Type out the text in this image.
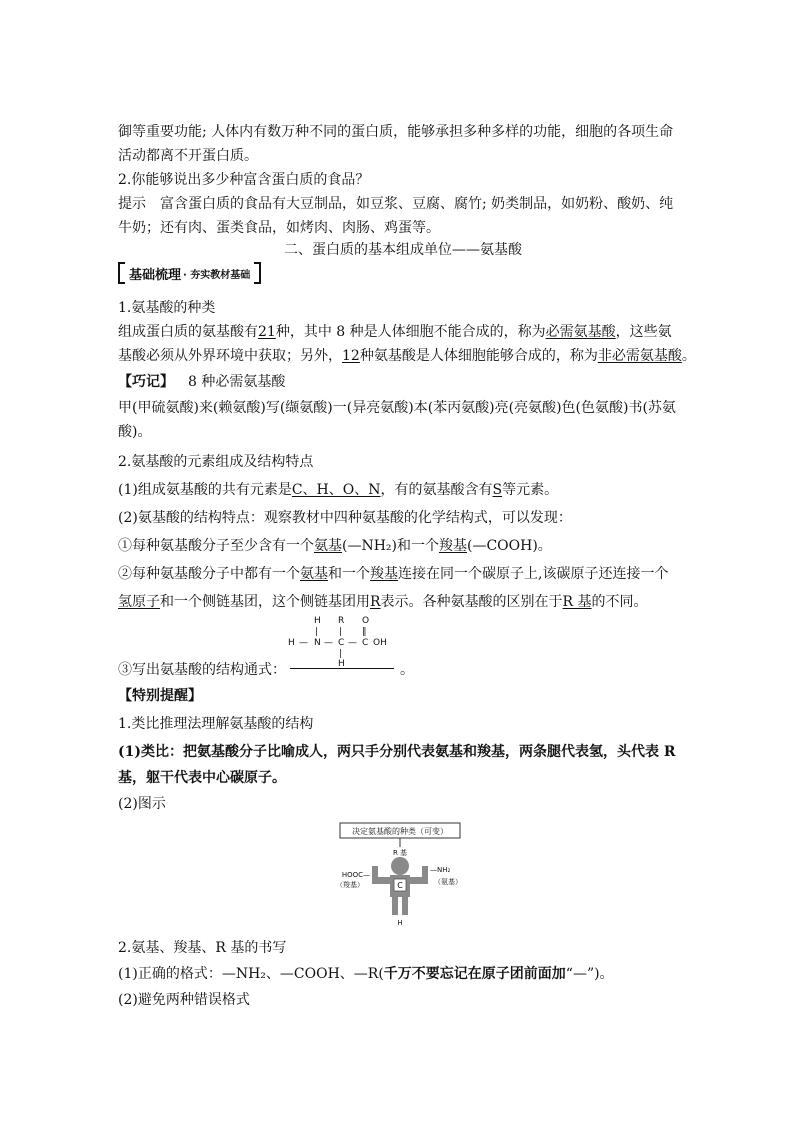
御等重要功能; 人体内有数万种不同的蛋白质，能够承担多种多样的功能，细胞的各项生命
活动都离不开蛋白质。
2.你能够说出多少种富含蛋白质的食品？
提示　富含蛋白质的食品有大豆制品，如豆浆、豆腐、腐竹; 奶类制品，如奶粉、酸奶、纯
牛奶；还有肉、蛋类食品，如烤肉、肉肠、鸡蛋等。
二、蛋白质的基本组成单位——氨基酸
基础梳理 · 夯实教材基础
1.氨基酸的种类
组成蛋白质的氨基酸有21种，其中 8 种是人体细胞不能合成的，称为必需氨基酸，这些氨
基酸必须从外界环境中获取；另外，12种氨基酸是人体细胞能够合成的，称为非必需氨基酸。
【巧记】  8 种必需氨基酸
甲(甲硫氨酸)来(赖氨酸)写(缬氨酸)一(异亮氨酸)本(苯丙氨酸)亮(亮氨酸)色(色氨酸)书(苏氨
酸)。
2.氨基酸的元素组成及结构特点
(1)组成氨基酸的共有元素是C、H、O、N，有的氨基酸含有S等元素。
(2)氨基酸的结构特点：观察教材中四种氨基酸的化学结构式，可以发现：
①每种氨基酸分子至少含有一个氨基(—NH₂)和一个羧基(—COOH)。
②每种氨基酸分子中都有一个氨基和一个羧基连接在同一个碳原子上,该碳原子还连接一个
氢原子和一个侧链基团，这个侧链基团用R表示。各种氨基酸的区别在于R 基的不同。
H R O
| | ‖
H — N — C — C OH
|
H
③写出氨基酸的结构通式：	。
【特别提醒】
1.类比推理法理解氨基酸的结构
(1)类比：把氨基酸分子比喻成人，两只手分别代表氨基和羧基，两条腿代表氢，头代表 R
基，躯干代表中心碳原子。
(2)图示
决定氨基酸的种类（可变）
R 基
C
HOOC—
（羧基）
—NH₂
（氨基）
H
2.氨基、羧基、R 基的书写
(1)正确的格式：—NH₂、—COOH、—R(千万不要忘记在原子团前面加“—”)。
(2)避免两种错误格式
